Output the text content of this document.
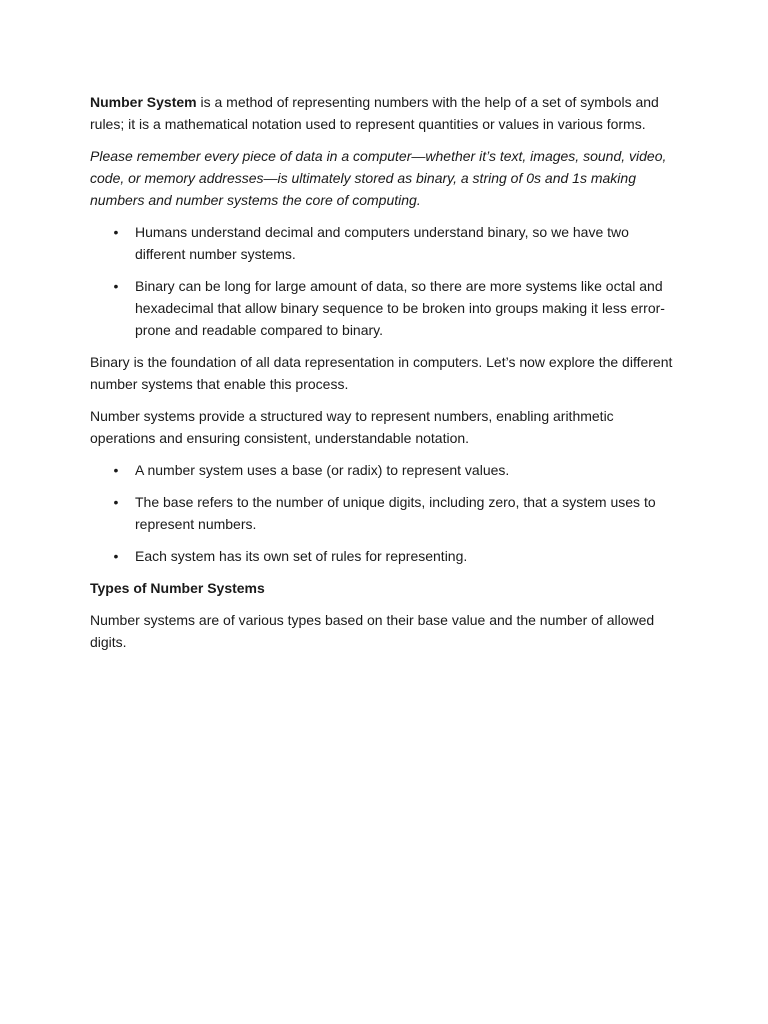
Number System is a method of representing numbers with the help of a set of symbols and rules; it is a mathematical notation used to represent quantities or values in various forms.

Please remember every piece of data in a computer—whether it’s text, images, sound, video, code, or memory addresses—is ultimately stored as binary, a string of 0s and 1s making numbers and number systems the core of computing.

• Humans understand decimal and computers understand binary, so we have two different number systems.
• Binary can be long for large amount of data, so there are more systems like octal and hexadecimal that allow binary sequence to be broken into groups making it less error-prone and readable compared to binary.

Binary is the foundation of all data representation in computers. Let’s now explore the different number systems that enable this process.

Number systems provide a structured way to represent numbers, enabling arithmetic operations and ensuring consistent, understandable notation.

• A number system uses a base (or radix) to represent values.
• The base refers to the number of unique digits, including zero, that a system uses to represent numbers.
• Each system has its own set of rules for representing.

Types of Number Systems

Number systems are of various types based on their base value and the number of allowed digits.
